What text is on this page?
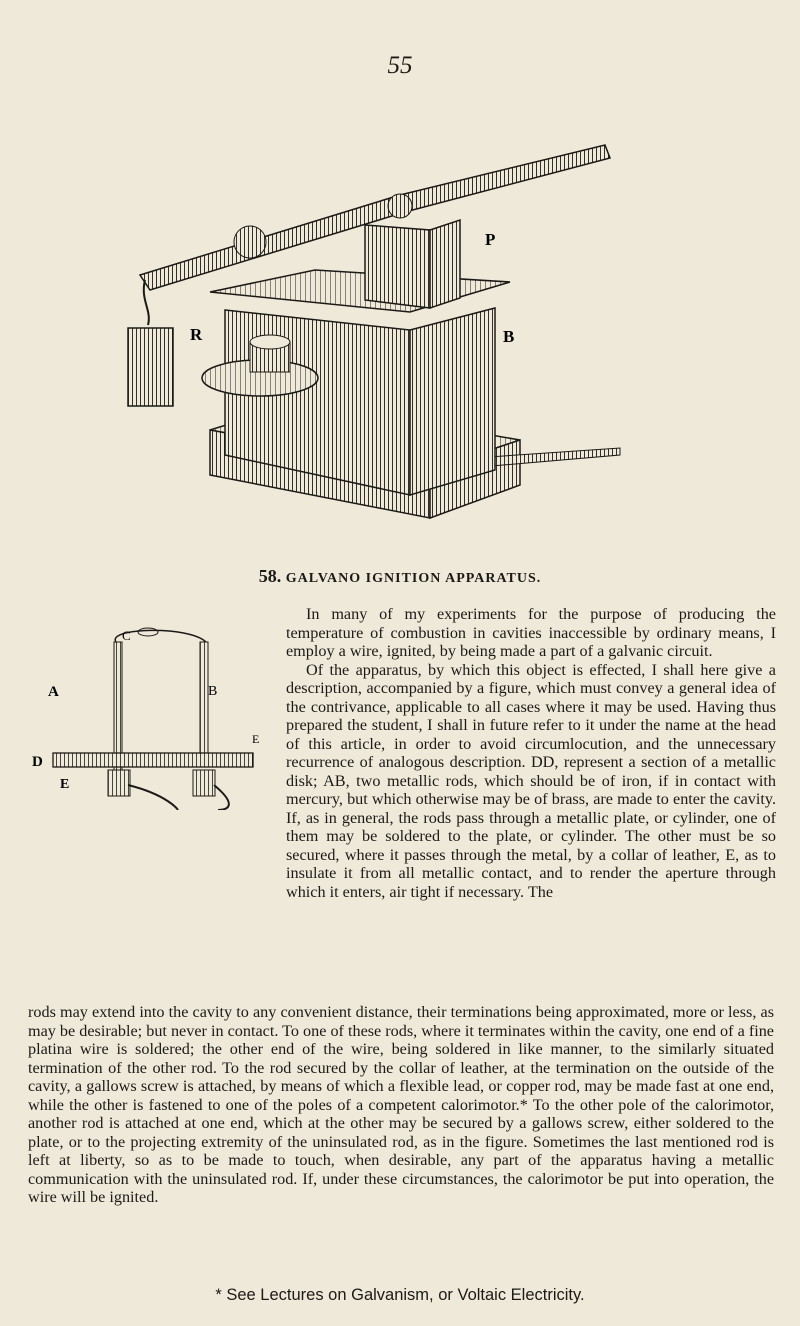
55
P
R	B
58. GALVANO IGNITION APPARATUS.
C
A	B
E
D
E

In many of my experiments for the purpose of producing the temperature of combustion in cavities inaccessible by ordinary means, I employ a wire, ignited, by being made a part of a galvanic circuit.

Of the apparatus, by which this object is effected, I shall here give a description, accompanied by a figure, which must convey a general idea of the contrivance, applicable to all cases where it may be used. Having thus prepared the student, I shall in future refer to it under the name at the head of this article, in order to avoid circumlocution, and the unnecessary recurrence of analogous description. DD, represent a section of a metallic disk; AB, two metallic rods, which should be of iron, if in contact with mercury, but which otherwise may be of brass, are made to enter the cavity. If, as in general, the rods pass through a metallic plate, or cylinder, one of them may be soldered to the plate, or cylinder. The other must be so secured, where it passes through the metal, by a collar of leather, E, as to insulate it from all metallic contact, and to render the aperture through which it enters, air tight if necessary. The

rods may extend into the cavity to any convenient distance, their terminations being approximated, more or less, as may be desirable; but never in contact. To one of these rods, where it terminates within the cavity, one end of a fine platina wire is soldered; the other end of the wire, being soldered in like manner, to the similarly situated termination of the other rod. To the rod secured by the collar of leather, at the termination on the outside of the cavity, a gallows screw is attached, by means of which a flexible lead, or copper rod, may be made fast at one end, while the other is fastened to one of the poles of a competent calorimotor.* To the other pole of the calorimotor, another rod is attached at one end, which at the other may be secured by a gallows screw, either soldered to the plate, or to the projecting extremity of the uninsulated rod, as in the figure. Sometimes the last mentioned rod is left at liberty, so as to be made to touch, when desirable, any part of the apparatus having a metallic communication with the uninsulated rod. If, under these circumstances, the calorimotor be put into operation, the wire will be ignited.

* See Lectures on Galvanism, or Voltaic Electricity.
